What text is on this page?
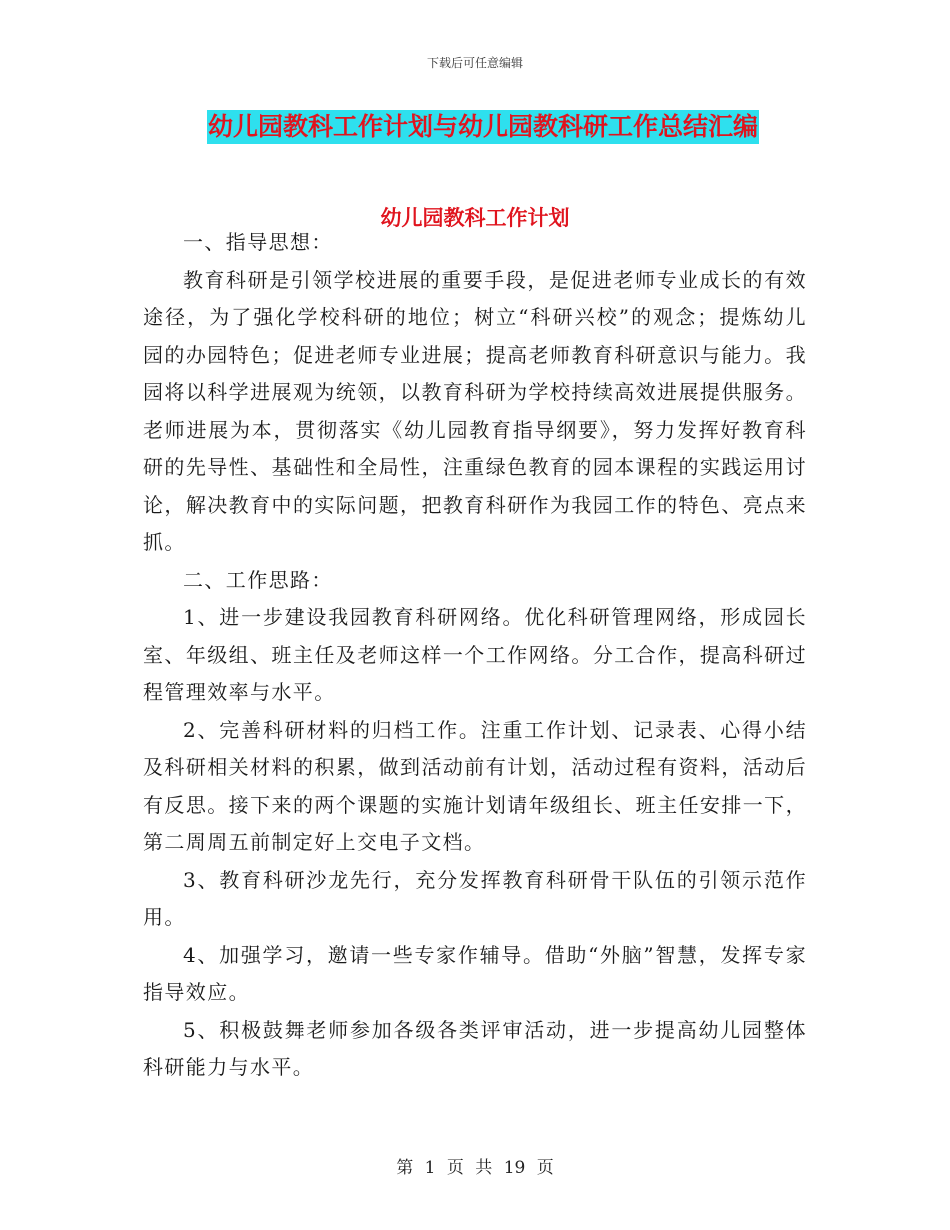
下载后可任意编辑
幼儿园教科工作计划与幼儿园教科研工作总结汇编
幼儿园教科工作计划

一、指导思想：

教育科研是引领学校进展的重要手段，是促进老师专业成长的有效途径，为了强化学校科研的地位；树立“科研兴校”的观念；提炼幼儿园的办园特色；促进老师专业进展；提高老师教育科研意识与能力。我园将以科学进展观为统领，以教育科研为学校持续高效进展提供服务。老师进展为本，贯彻落实《幼儿园教育指导纲要》，努力发挥好教育科研的先导性、基础性和全局性，注重绿色教育的园本课程的实践运用讨论，解决教育中的实际问题，把教育科研作为我园工作的特色、亮点来抓。

二、工作思路：

1、进一步建设我园教育科研网络。优化科研管理网络，形成园长室、年级组、班主任及老师这样一个工作网络。分工合作，提高科研过程管理效率与水平。

2、完善科研材料的归档工作。注重工作计划、记录表、心得小结及科研相关材料的积累，做到活动前有计划，活动过程有资料，活动后有反思。接下来的两个课题的实施计划请年级组长、班主任安排一下，第二周周五前制定好上交电子文档。

3、教育科研沙龙先行，充分发挥教育科研骨干队伍的引领示范作用。

4、加强学习，邀请一些专家作辅导。借助“外脑”智慧，发挥专家指导效应。

5、积极鼓舞老师参加各级各类评审活动，进一步提高幼儿园整体科研能力与水平。

第 1 页 共 19 页
